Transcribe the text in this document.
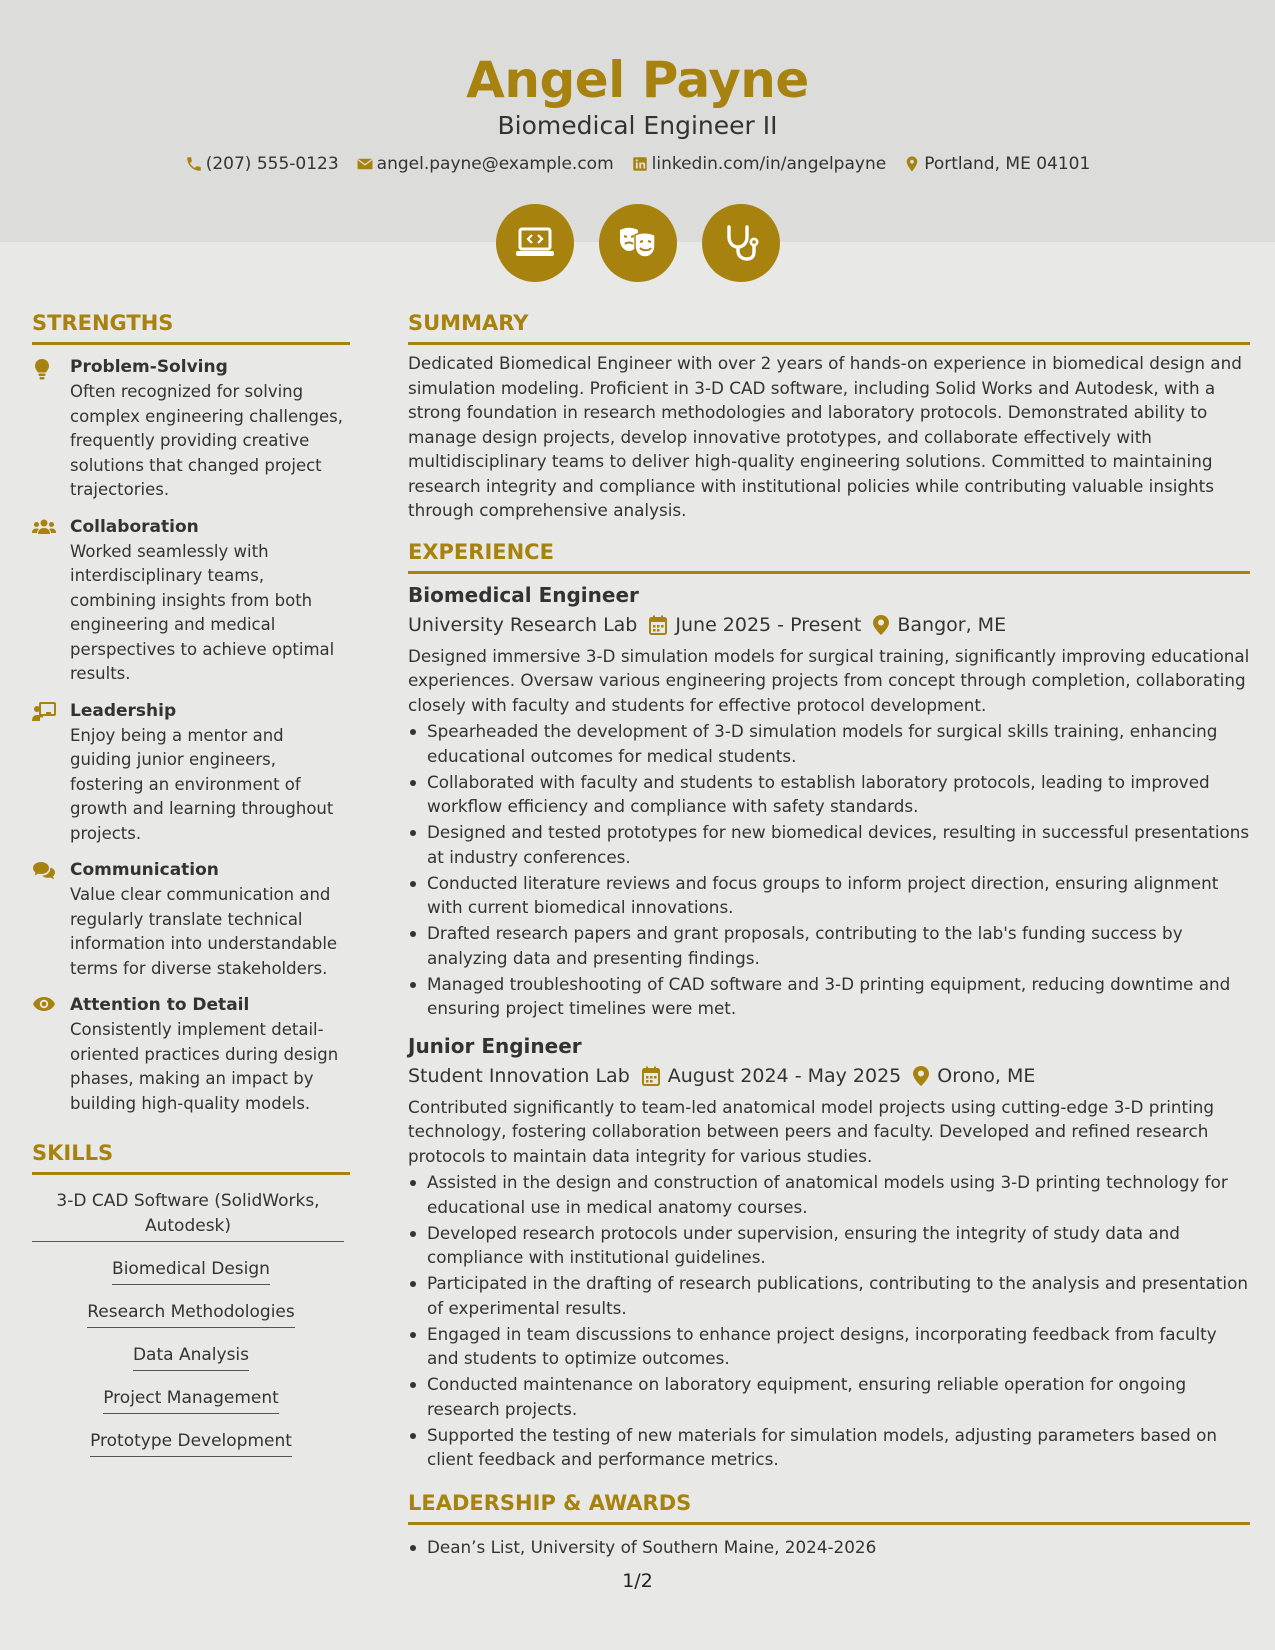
Angel Payne
Biomedical Engineer II
(207) 555-0123 angel.payne@example.com linkedin.com/in/angelpayne Portland, ME 04101
STRENGTHS
Problem-Solving
Often recognized for solving complex engineering challenges, frequently providing creative solutions that changed project trajectories.
Collaboration
Worked seamlessly with interdisciplinary teams, combining insights from both engineering and medical perspectives to achieve optimal results.
Leadership
Enjoy being a mentor and guiding junior engineers, fostering an environment of growth and learning throughout projects.
Communication
Value clear communication and regularly translate technical information into understandable terms for diverse stakeholders.
Attention to Detail
Consistently implement detail-oriented practices during design phases, making an impact by building high-quality models.
SKILLS
3-D CAD Software (SolidWorks, Autodesk)
Biomedical Design
Research Methodologies
Data Analysis
Project Management
Prototype Development
SUMMARY
Dedicated Biomedical Engineer with over 2 years of hands-on experience in biomedical design and simulation modeling. Proficient in 3-D CAD software, including Solid Works and Autodesk, with a strong foundation in research methodologies and laboratory protocols. Demonstrated ability to manage design projects, develop innovative prototypes, and collaborate effectively with multidisciplinary teams to deliver high-quality engineering solutions. Committed to maintaining research integrity and compliance with institutional policies while contributing valuable insights through comprehensive analysis.
EXPERIENCE
Biomedical Engineer
University Research Lab June 2025 - Present Bangor, ME
Designed immersive 3-D simulation models for surgical training, significantly improving educational experiences. Oversaw various engineering projects from concept through completion, collaborating closely with faculty and students for effective protocol development.
Spearheaded the development of 3-D simulation models for surgical skills training, enhancing educational outcomes for medical students.
Collaborated with faculty and students to establish laboratory protocols, leading to improved workflow efficiency and compliance with safety standards.
Designed and tested prototypes for new biomedical devices, resulting in successful presentations at industry conferences.
Conducted literature reviews and focus groups to inform project direction, ensuring alignment with current biomedical innovations.
Drafted research papers and grant proposals, contributing to the lab's funding success by analyzing data and presenting findings.
Managed troubleshooting of CAD software and 3-D printing equipment, reducing downtime and ensuring project timelines were met.
Junior Engineer
Student Innovation Lab August 2024 - May 2025 Orono, ME
Contributed significantly to team-led anatomical model projects using cutting-edge 3-D printing technology, fostering collaboration between peers and faculty. Developed and refined research protocols to maintain data integrity for various studies.
Assisted in the design and construction of anatomical models using 3-D printing technology for educational use in medical anatomy courses.
Developed research protocols under supervision, ensuring the integrity of study data and compliance with institutional guidelines.
Participated in the drafting of research publications, contributing to the analysis and presentation of experimental results.
Engaged in team discussions to enhance project designs, incorporating feedback from faculty and students to optimize outcomes.
Conducted maintenance on laboratory equipment, ensuring reliable operation for ongoing research projects.
Supported the testing of new materials for simulation models, adjusting parameters based on client feedback and performance metrics.
LEADERSHIP & AWARDS
Dean’s List, University of Southern Maine, 2024-2026
1/2
